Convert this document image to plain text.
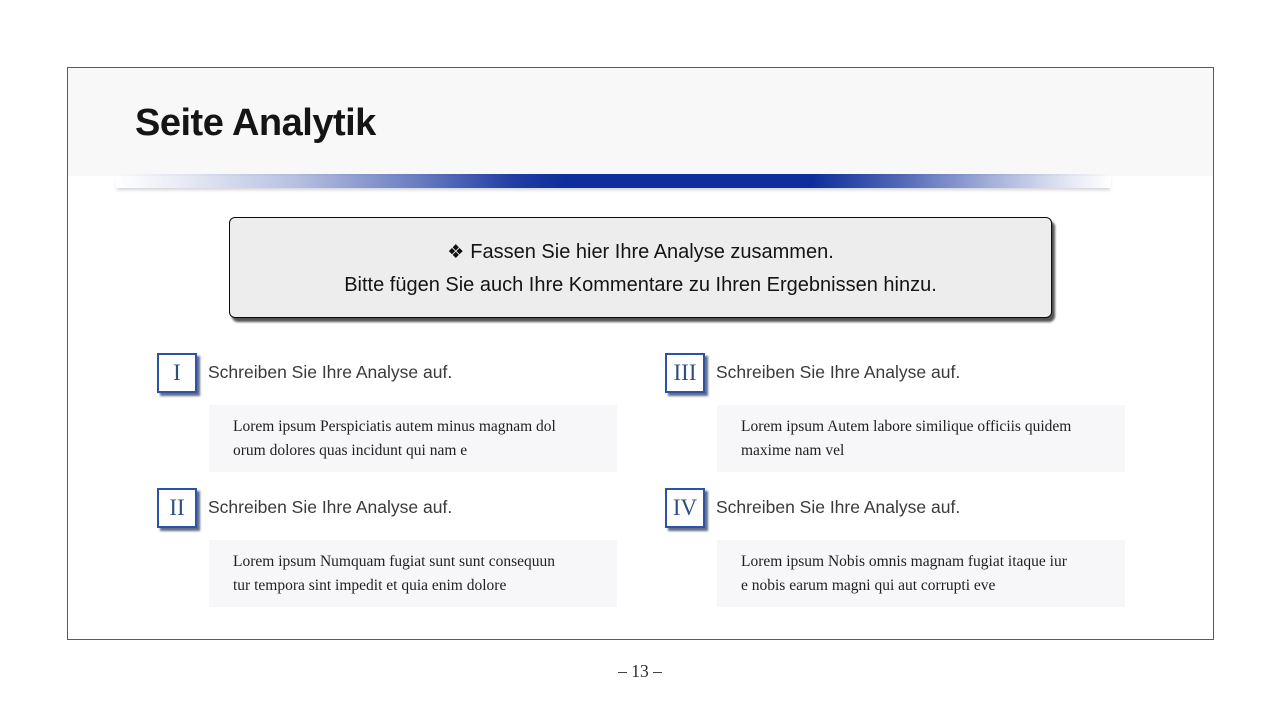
Seite Analytik
❖ Fassen Sie hier Ihre Analyse zusammen.
Bitte fügen Sie auch Ihre Kommentare zu Ihren Ergebnissen hinzu.
I	Schreiben Sie Ihre Analyse auf.
Lorem ipsum Perspiciatis autem minus magnam dol
orum dolores quas incidunt qui nam e
II	Schreiben Sie Ihre Analyse auf.
Lorem ipsum Numquam fugiat sunt sunt consequun
tur tempora sint impedit et quia enim dolore
III	Schreiben Sie Ihre Analyse auf.
Lorem ipsum Autem labore similique officiis quidem
maxime nam vel
IV	Schreiben Sie Ihre Analyse auf.
Lorem ipsum Nobis omnis magnam fugiat itaque iur
e nobis earum magni qui aut corrupti eve
– 13 –
